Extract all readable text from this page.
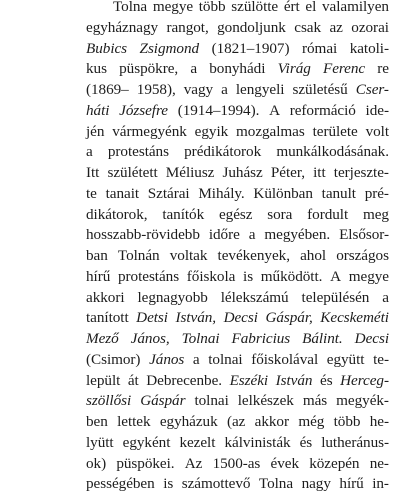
Tolna megye több szülötte ért el valamilyen
egyháznagy rangot, gondoljunk csak az ozorai
Bubics Zsigmond (1821–1907) római katoli-
kus püspökre, a bonyhádi Virág Ferenc re
(1869– 1958), vagy a lengyeli születésű Cser-
háti Józsefre (1914–1994). A reformáció ide-
jén vármegyénk egyik mozgalmas területe volt
a protestáns prédikátorok munkálkodásának.
Itt szülétett Méliusz Juhász Péter, itt terjeszte-
te tanait Sztárai Mihály. Különban tanult pré-
dikátorok, tanítók egész sora fordult meg
hosszabb-rövidebb időre a megyében. Elsősor-
ban Tolnán voltak tevékenyek, ahol országos
hírű protestáns főiskola is működött. A megye
akkori legnagyobb lélekszámú településén a
tanított Detsi István, Decsi Gáspár, Kecskeméti
Mező János, Tolnai Fabricius Bálint. Decsi
(Csimor) János a tolnai főiskolával együtt te-
lepült át Debrecenbe. Eszéki István és Herceg-
szöllősi Gáspár tolnai lelkészek más megyék-
ben lettek egyházuk (az akkor még több he-
lyütt egyként kezelt kálvinisták és lutheránus-
ok) püspökei. Az 1500-as évek közepén ne-
pességében is számottevő Tolna nagy hírű in-
